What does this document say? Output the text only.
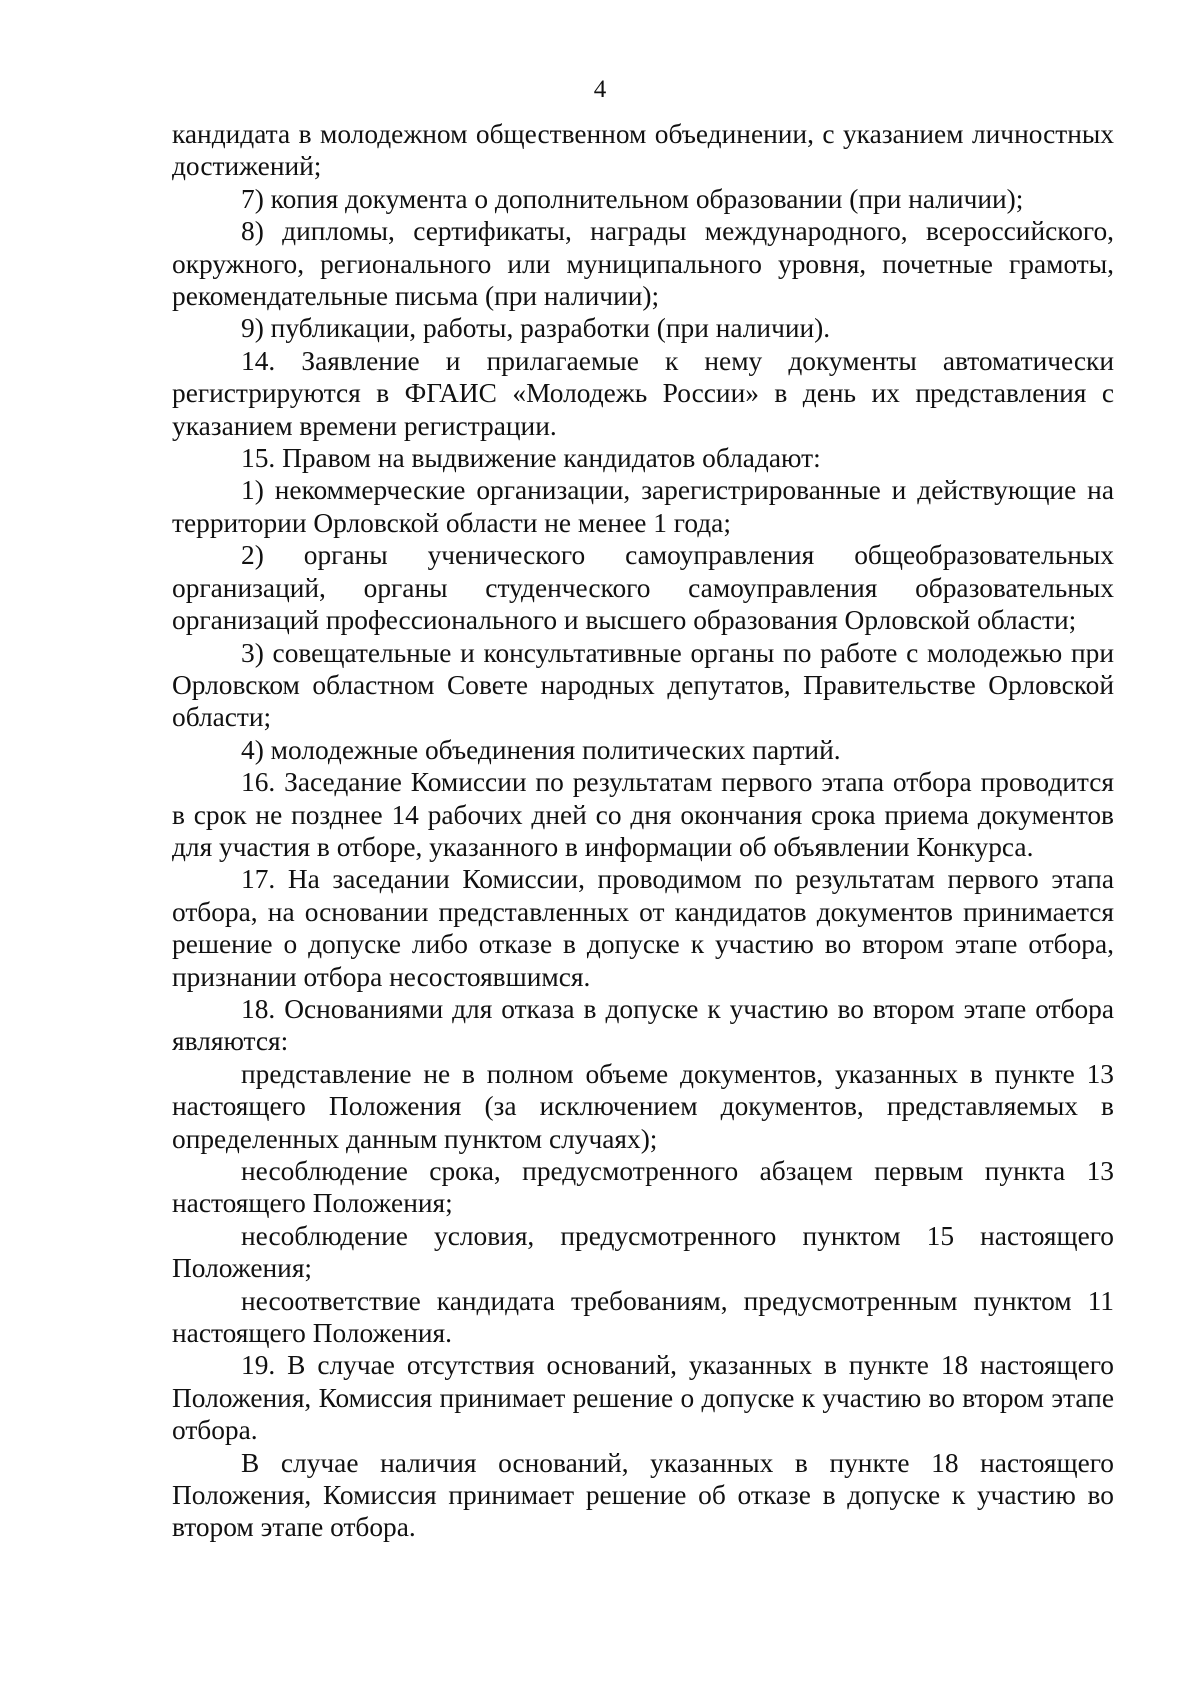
4

кандидата в молодежном общественном объединении, с указанием личностных достижений;

7) копия документа о дополнительном образовании (при наличии);

8) дипломы, сертификаты, награды международного, всероссийского, окружного, регионального или муниципального уровня, почетные грамоты, рекомендательные письма (при наличии);

9) публикации, работы, разработки (при наличии).

14. Заявление и прилагаемые к нему документы автоматически регистрируются в ФГАИС «Молодежь России» в день их представления с указанием времени регистрации.

15. Правом на выдвижение кандидатов обладают:

1) некоммерческие организации, зарегистрированные и действующие на территории Орловской области не менее 1 года;

2) органы ученического самоуправления общеобразовательных организаций, органы студенческого самоуправления образовательных организаций профессионального и высшего образования Орловской области;

3) совещательные и консультативные органы по работе с молодежью при Орловском областном Совете народных депутатов, Правительстве Орловской области;

4) молодежные объединения политических партий.

16. Заседание Комиссии по результатам первого этапа отбора проводится в срок не позднее 14 рабочих дней со дня окончания срока приема документов для участия в отборе, указанного в информации об объявлении Конкурса.

17. На заседании Комиссии, проводимом по результатам первого этапа отбора, на основании представленных от кандидатов документов принимается решение о допуске либо отказе в допуске к участию во втором этапе отбора, признании отбора несостоявшимся.

18. Основаниями для отказа в допуске к участию во втором этапе отбора являются:

представление не в полном объеме документов, указанных в пункте 13 настоящего Положения (за исключением документов, представляемых в определенных данным пунктом случаях);

несоблюдение срока, предусмотренного абзацем первым пункта 13 настоящего Положения;

несоблюдение условия, предусмотренного пунктом 15 настоящего Положения;

несоответствие кандидата требованиям, предусмотренным пунктом 11 настоящего Положения.

19. В случае отсутствия оснований, указанных в пункте 18 настоящего Положения, Комиссия принимает решение о допуске к участию во втором этапе отбора.

В случае наличия оснований, указанных в пункте 18 настоящего Положения, Комиссия принимает решение об отказе в допуске к участию во втором этапе отбора.
